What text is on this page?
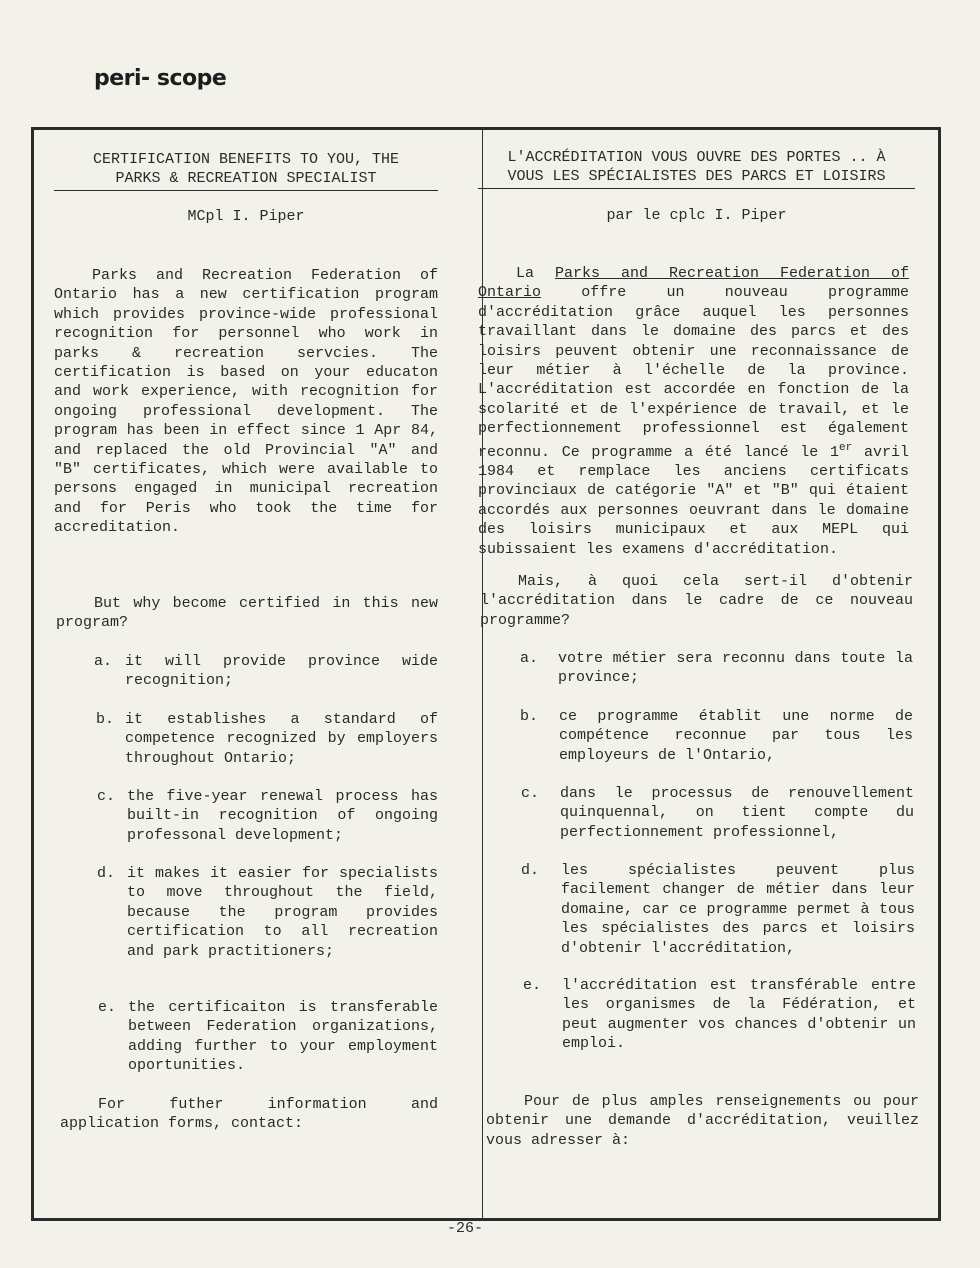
peri- scope
CERTIFICATION BENEFITS TO YOU, THE
PARKS & RECREATION SPECIALIST
MCpl I. Piper
Parks and Recreation Federation of Ontario has a new certification program which provides province-wide professional recognition for personnel who work in parks & recreation servcies. The certification is based on your educaton and work experience, with recognition for ongoing professional development. The program has been in effect since 1 Apr 84, and replaced the old Provincial "A" and "B" certificates, which were available to persons engaged in municipal recreation and for Peris who took the time for accreditation.
But why become certified in this new program?
a. it will provide province wide recognition;
b. it establishes a standard of competence recognized by employers throughout Ontario;
c. the five-year renewal process has built-in recognition of ongoing professonal development;
d. it makes it easier for specialists to move throughout the field, because the program provides certification to all recreation and park practitioners;
e. the certificaiton is transferable between Federation organizations, adding further to your employment oportunities.
For futher information and application forms, contact:
L'ACCRÉDITATION VOUS OUVRE DES PORTES .. À
VOUS LES SPÉCIALISTES DES PARCS ET LOISIRS
par le cplc I. Piper
La Parks and Recreation Federation of Ontario	offre un nouveau programme d'accréditation grâce auquel les personnes travaillant dans le domaine des parcs et des loisirs peuvent obtenir une reconnaissance de leur métier à l'échelle de la province. L'accréditation est accordée en fonction de la scolarité et de l'expérience de travail, et le perfectionnement professionnel est également reconnu. Ce programme a été lancé le 1er avril 1984 et remplace les anciens certificats provinciaux de catégorie "A" et "B" qui étaient accordés aux personnes oeuvrant dans le domaine des loisirs municipaux et aux MEPL qui subissaient les examens d'accréditation.
Mais, à quoi cela sert-il d'obtenir l'accréditation dans le cadre de ce nouveau programme?
a. votre métier sera reconnu dans toute la province;
b. ce programme établit une norme de compétence reconnue par tous les employeurs de l'Ontario,
c. dans le processus de renouvellement quinquennal, on tient compte du perfectionnement professionnel,
d. les spécialistes peuvent plus facilement changer de métier dans leur domaine, car ce programme permet à tous les spécialistes des parcs et loisirs d'obtenir l'accréditation,
e. l'accréditation est transférable entre les organismes de la Fédération, et peut augmenter vos chances d'obtenir un emploi.
Pour de plus amples renseignements ou pour obtenir une demande d'accréditation, veuillez vous adresser à:
-26-
